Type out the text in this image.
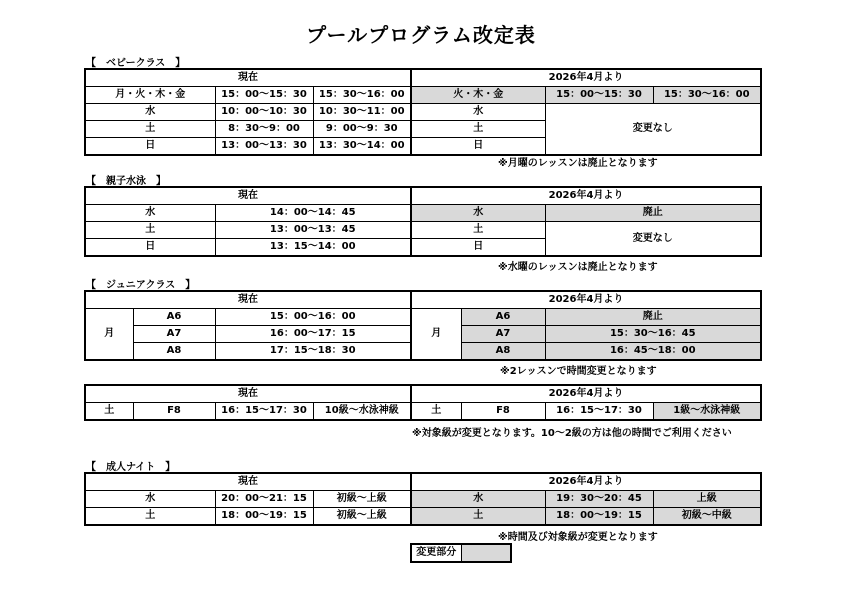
プールプログラム改定表
【　ベビークラス　】
現在			2026年4月より		
月・火・木・金	15：00～15：30	15：30～16：00	火・木・金	15：00～15：30	15：30～16：00
水	10：00～10：30	10：30～11：00	水	変更なし	
土	8：30～9：00	9：00～9：30	土		
日	13：00～13：30	13：30～14：00	日		
※月曜のレッスンは廃止となります
【　親子水泳　】
現在		2026年4月より	
水	14：00～14：45	水	廃止
土	13：00～13：45	土	変更なし
日	13：15～14：00	日	
※水曜のレッスンは廃止となります
【　ジュニアクラス　】
現在			2026年4月より		
月	A6	15：00～16：00	月	A6	廃止
	A7	16：00～17：15		A7	15：30～16：45
	A8	17：15～18：30		A8	16：45～18：00
※2レッスンで時間変更となります
現在				2026年4月より			
土	F8	16：15～17：30	10級～水泳神級	土	F8	16：15～17：30	1級～水泳神級
※対象級が変更となります。10～2級の方は他の時間でご利用ください
【　成人ナイト　】
現在			2026年4月より		
水	20：00～21：15	初級～上級	水	19：30～20：45	上級
土	18：00～19：15	初級～上級	土	18：00～19：15	初級～中級
※時間及び対象級が変更となります
変更部分	
